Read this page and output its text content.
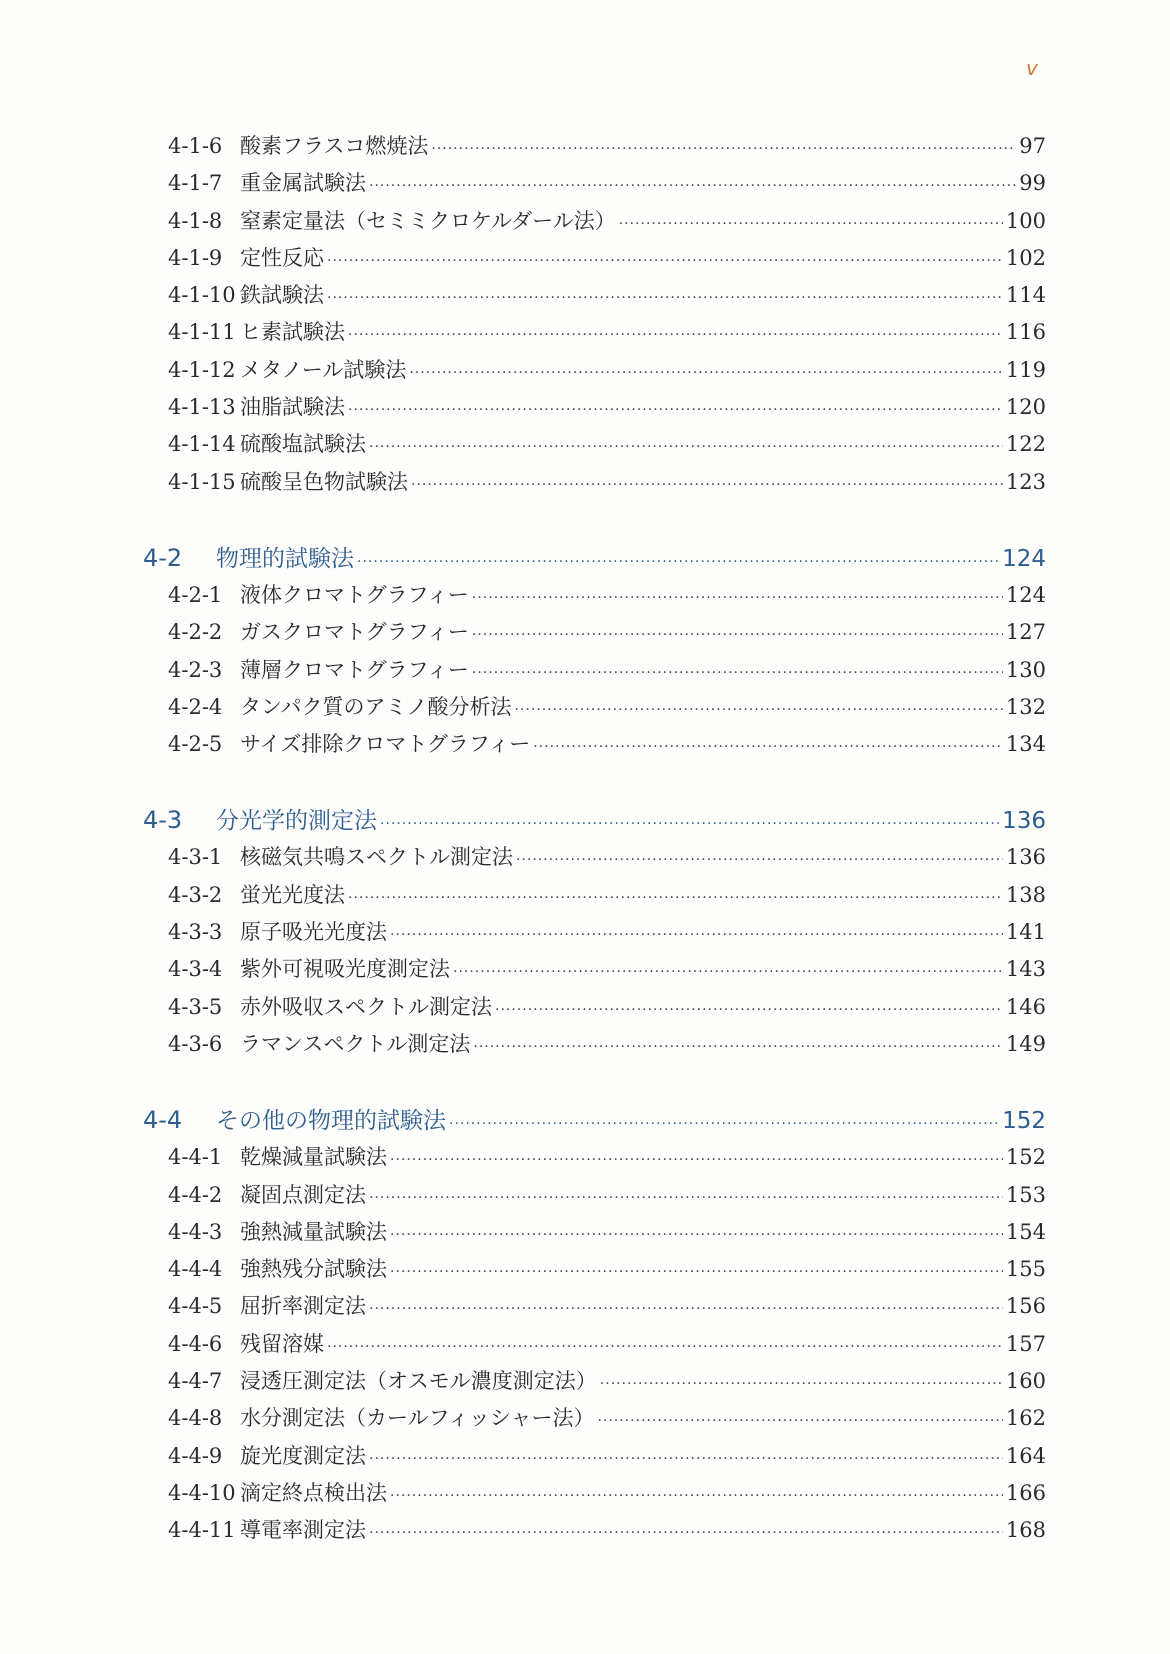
v
4-1-6 酸素フラスコ燃焼法 ·····	97
4-1-7 重金属試験法 ·····	99
4-1-8 窒素定量法（セミミクロケルダール法） ·····	100
4-1-9 定性反応 ·····	102
4-1-10 鉄試験法 ·····	114
4-1-11 ヒ素試験法 ·····	116
4-1-12 メタノール試験法 ·····	119
4-1-13 油脂試験法 ·····	120
4-1-14 硫酸塩試験法 ·····	122
4-1-15 硫酸呈色物試験法 ·····	123
4-2	物理的試験法 ·····	124
4-2-1 液体クロマトグラフィー ·····	124
4-2-2 ガスクロマトグラフィー ·····	127
4-2-3 薄層クロマトグラフィー ·····	130
4-2-4 タンパク質のアミノ酸分析法 ·····	132
4-2-5 サイズ排除クロマトグラフィー ·····	134
4-3	分光学的測定法 ·····	136
4-3-1 核磁気共鳴スペクトル測定法 ·····	136
4-3-2 蛍光光度法 ·····	138
4-3-3 原子吸光光度法 ·····	141
4-3-4 紫外可視吸光度測定法 ·····	143
4-3-5 赤外吸収スペクトル測定法 ·····	146
4-3-6 ラマンスペクトル測定法 ·····	149
4-4	その他の物理的試験法 ·····	152
4-4-1 乾燥減量試験法 ·····	152
4-4-2 凝固点測定法 ·····	153
4-4-3 強熱減量試験法 ·····	154
4-4-4 強熱残分試験法 ·····	155
4-4-5 屈折率測定法 ·····	156
4-4-6 残留溶媒 ·····	157
4-4-7 浸透圧測定法（オスモル濃度測定法） ·····	160
4-4-8 水分測定法（カールフィッシャー法） ·····	162
4-4-9 旋光度測定法 ·····	164
4-4-10 滴定終点検出法 ·····	166
4-4-11 導電率測定法 ·····	168
